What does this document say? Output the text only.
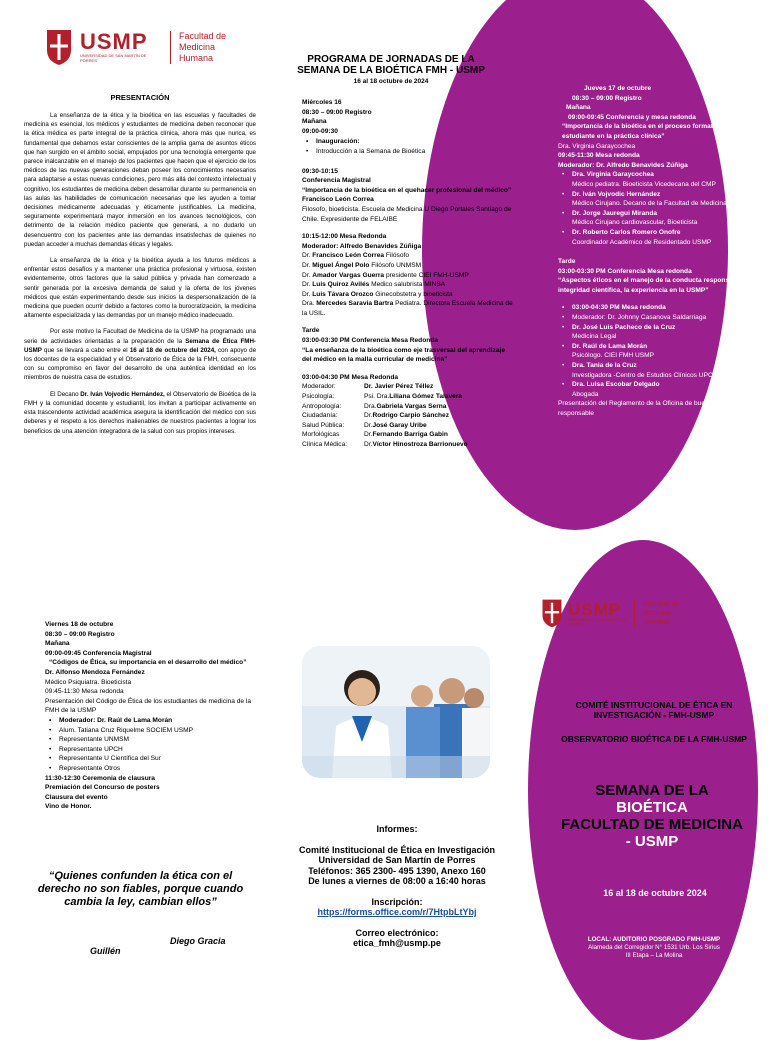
USMP
UNIVERSIDAD DE SAN MARTÍN DE PORRES
Facultad de
Medicina
Humana
PRESENTACIÓN

La enseñanza de la ética y la bioética en las escuelas y facultades de medicina es esencial, los médicos y estudiantes de medicina deben reconocer que la ética médica es parte integral de la práctica clínica, ahora más que nunca, es fundamental que debamos estar conscientes de la amplia gama de asuntos éticos que han surgido en el ámbito social, empujados por una tecnología emergente que parece inalcanzable en el manejo de los pacientes que hacen que el ejercicio de los médicos de las nuevas generaciones deban poseer los conocimientos necesarios para adaptarse a estas nuevas condiciones, pero más allá del contexto intelectual y cognitivo, los estudiantes de medicina deben desarrollar durante su permanencia en las aulas las habilidades de comunicación necesarias que les ayuden a tomar decisiones médicamente adecuadas y éticamente justificables. La medicina, seguramente experimentará mayor inmersión en los avances tecnológicos, con detrimento de la relación médico paciente que generará, a no dudarlo un desencuentro con los pacientes ante las demandas insatisfechas de quienes no puedan acceder a muchas demandas éticas y legales.

La enseñanza de la ética y la bioética ayuda a los futuros médicos a enfrentar estos desafíos y a mantener una práctica profesional y virtuosa, existen evidentemente, otros factores que la salud pública y privada han comenzado a sentir generada por la excesiva demanda de salud y la oferta de los jóvenes médicos que están experimentando desde sus inicios la despersonalización de la medicina que pueden ocurrir debido a factores como la burocratización, la medicina altamente especializada y las demandas por un manejo médico inadecuado.

Por este motivo la Facultad de Medicina de la USMP ha programado una serie de actividades orientadas a la preparación de la Semana de Ética FMH-USMP que se llevará a cabo entre el 16 al 18 de octubre del 2024, con apoyo de los docentes de la especialidad y el Observatorio de Ética de la FMH, consecuente con su compromiso en favor del desarrollo de una auténtica identidad en los miembros de nuestra casa de estudios.

El Decano Dr. Iván Vojvodic Hernández, el Observatorio de Bioética de la FMH y la comunidad docente y estudiantil, los invitan a participar activamente en esta trascendente actividad académica asegura la identificación del médico con sus deberes y el respeto a los derechos inalienables de nuestros pacientes a lograr los beneficios de una atención integradora de la salud con sus propios intereses.

PROGRAMA DE JORNADAS DE LA
SEMANA DE LA BIOÉTICA FMH - USMP
16 al 18 octubre de 2024
Miércoles 16
08:30 – 09:00 Registro
Mañana
09:00-09:30
• Inauguración:
• Introducción a la Semana de Bioética
09:30-10:15
Conferencia Magistral
“Importancia de la bioética en el quehacer profesional del médico”
Francisco León Correa
Filosofo, bioeticista. Escuela de Medicina U Diego Portales Santiago de Chile. Expresidente de FELAIBE
10:15-12:00 Mesa Redonda
Moderador: Alfredo Benavides Zúñiga
Dr. Francisco León Correa Filósofo
Dr. Miguel Ángel Polo Filósofo UNMSM
Dr. Amador Vargas Guerra presidente CIEI FMH-USMP
Dr. Luis Quiroz Avilés Medico salubrista MINSA
Dr. Luis Távara Orozco Ginecobstetra y bioeticista
Dra. Mercedes Saravia Bartra Pediatra. Directora Escuela Medicina de la USIL.
Tarde
03:00-03:30 PM Conferencia Mesa Redonda
“La enseñanza de la bioética como eje trasversal del aprendizaje del médico en la malla curricular de medicina”
03:00-04:30 PM Mesa Redonda
Moderador:	Dr. Javier Pérez Téllez
Psicología:	Psi. Dra. Liliana Gómez Talavera
Antropología:	Dra. Gabriela Vargas Serna
Ciudadanía:	Dr. Rodrigo Carpio Sánchez
Salud Pública:	Dr. José Garay Uribe
Morfológicas	Dr. Fernando Barriga Gabin
Clínica Médica:	Dr. Víctor Hinostroza Barrionuevo
Jueves 17 de octubre
08:30 – 09:00 Registro
Mañana
09:00-09:45 Conferencia y mesa redonda
“Importancia de la bioética en el proceso formativo del estudiante en la práctica clínica”
Dra. Virginia Garaycochea
09:45-11:30 Mesa redonda
Moderador: Dr. Alfredo Benavides Zúñiga
• Dra. Virginia Garaycochea
Médico pediatra. Bioeticista Vicedecana del CMP
• Dr. Iván Vojvodic Hernández
Médico Cirujano. Decano de la Facultad de Medicina de USMP
• Dr. Jorge Jauregui Miranda
Médico Cirujano cardiovascular, Bioeticista
• Dr. Roberto Carlos Romero Onofre
Coordinador Académico de Residentado USMP
Tarde
03:00-03:30 PM Conferencia Mesa redonda
“Aspectos éticos en el manejo de la conducta responsable y la integridad científica, la experiencia en la USMP”
• 03:00-04:30 PM Mesa redonda
• Moderador: Dr. Johnny Casanova Saldarriaga
• Dr. José Luis Pacheco de la Cruz
Medicina Legal
• Dr. Raúl de Lama Morán
Psicólogo. CIEI FMH USMP
• Dra. Tania de la Cruz
Investigadora -Centro de Estudios Clínicos UPCH
• Dra. Luisa Escobar Delgado
Abogada
Presentación del Reglamento de la Oficina de buena conducta responsable
Viernes 18 de octubre
08:30 – 09:00 Registro
Mañana
09:00-09:45 Conferencia Magistral
“Códigos de Ética, su importancia en el desarrollo del médico”
Dr. Alfonso Mendoza Fernández
Médico Psiquiatra. Bioeticista
09:45-11:30 Mesa redonda
Presentación del Código de Ética de los estudiantes de medicina de la FMH de la USMP
• Moderador: Dr. Raúl de Lama Morán
• Alum. Tatiana Cruz Riquelme SOCIEM USMP
• Representante UNMSM
• Representante UPCH
• Representante U Científica del Sur
• Representante Otros
11:30-12:30 Ceremonia de clausura
Premiación del Concurso de posters
Clausura del evento
Vino de Honor.
“Quienes confunden la ética con el derecho no son fiables, porque cuando cambia la ley, cambian ellos”
Diego Gracia
Guillén
Informes:
Comité Institucional de Ética en Investigación
Universidad de San Martín de Porres
Teléfonos: 365 2300- 495 1390, Anexo 160
De lunes a viernes de 08:00 a 16:40 horas
Inscripción:
https://forms.office.com/r/7HtpbLtYbj
Correo electrónico:
etica_fmh@usmp.pe
USMP
UNIVERSIDAD DE SAN MARTÍN DE PORRES
Facultad de
Medicina
Humana
COMITÉ INSTITUCIONAL DE ÉTICA EN INVESTIGACIÓN - FMH-USMP
OBSERVATORIO BIOÉTICA DE LA FMH-USMP
SEMANA DE LA
BIOÉTICA
FACULTAD DE MEDICINA
- USMP
16 al 18 de octubre 2024
LOCAL: AUDITORIO POSGRADO FMH-USMP
Alameda del Corregidor N° 1531 Urb. Los Sirius
III Etapa – La Molina
